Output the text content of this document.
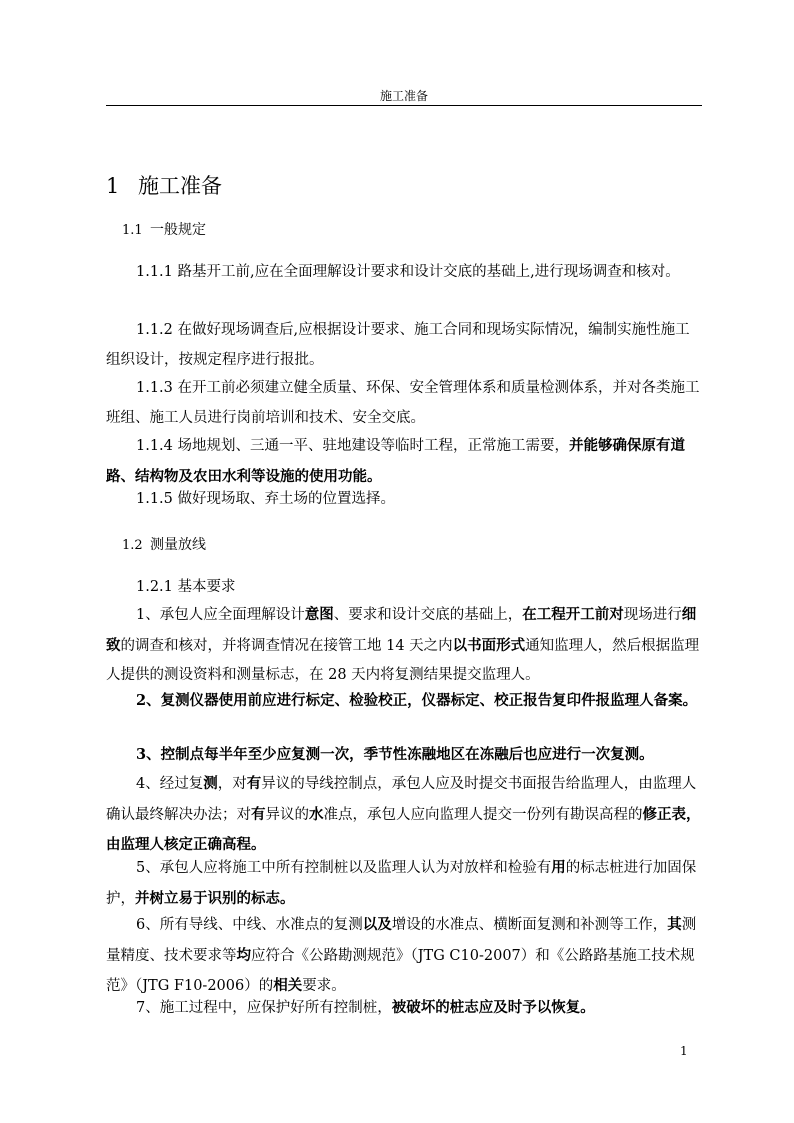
施工准备
1 施工准备
1.1 一般规定
1.1.1 路基开工前,应在全面理解设计要求和设计交底的基础上,进行现场调查和核对。
1.1.2 在做好现场调查后,应根据设计要求、施工合同和现场实际情况，编制实施性施工组织设计，按规定程序进行报批。
1.1.3 在开工前必须建立健全质量、环保、安全管理体系和质量检测体系，并对各类施工班组、施工人员进行岗前培训和技术、安全交底。
1.1.4 场地规划、三通一平、驻地建设等临时工程，正常施工需要，并能够确保原有道路、结构物及农田水利等设施的使用功能。
1.1.5 做好现场取、弃土场的位置选择。
1.2 测量放线
1.2.1 基本要求
1、承包人应全面理解设计意图、要求和设计交底的基础上，在工程开工前对现场进行细致的调查和核对，并将调查情况在接管工地 14 天之内以书面形式通知监理人，然后根据监理人提供的测设资料和测量标志，在 28 天内将复测结果提交监理人。
2、复测仪器使用前应进行标定、检验校正，仪器标定、校正报告复印件报监理人备案。
3、控制点每半年至少应复测一次，季节性冻融地区在冻融后也应进行一次复测。
4、经过复测，对有异议的导线控制点，承包人应及时提交书面报告给监理人，由监理人确认最终解决办法；对有异议的水准点，承包人应向监理人提交一份列有勘误高程的修正表，由监理人核定正确高程。
5、承包人应将施工中所有控制桩以及监理人认为对放样和检验有用的标志桩进行加固保护，并树立易于识别的标志。
6、所有导线、中线、水准点的复测以及增设的水准点、横断面复测和补测等工作，其测量精度、技术要求等均应符合《公路勘测规范》（JTG C10-2007）和《公路路基施工技术规范》（JTG F10-2006）的相关要求。
7、施工过程中，应保护好所有控制桩，被破坏的桩志应及时予以恢复。
1
